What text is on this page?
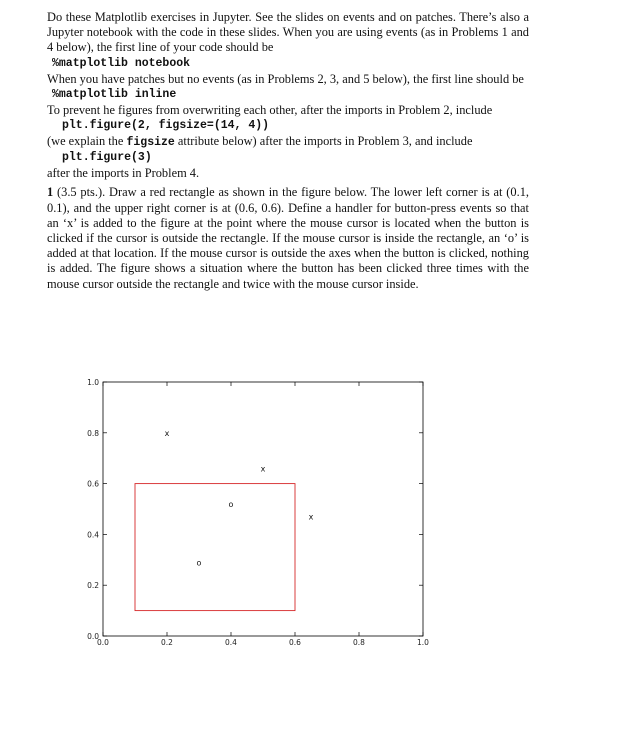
Do these Matplotlib exercises in Jupyter. See the slides on events and on patches. There’s also a Jupyter notebook with the code in these slides. When you are using events (as in Problems 1 and 4 below), the first line of your code should be

%matplotlib notebook

When you have patches but no events (as in Problems 2, 3, and 5 below), the first line should be

%matplotlib inline

To prevent he figures from overwriting each other, after the imports in Problem 2, include

plt.figure(2, figsize=(14, 4))

(we explain the figsize attribute below) after the imports in Problem 3, and include

plt.figure(3)

after the imports in Problem 4.

1 (3.5 pts.). Draw a red rectangle as shown in the figure below. The lower left corner is at (0.1, 0.1), and the upper right corner is at (0.6, 0.6). Define a handler for button-press events so that an ‘x’ is added to the figure at the point where the mouse cursor is located when the button is clicked if the cursor is outside the rectangle. If the mouse cursor is inside the rectangle, an ‘o’ is added at that location. If the mouse cursor is outside the axes when the button is clicked, nothing is added. The figure shows a situation where the button has been clicked three times with the mouse cursor outside the rectangle and twice with the mouse cursor inside.

0.0	0.2	0.4	0.6	0.8	1.0
0.0
0.2
0.4
0.6
0.8
1.0
x
x
x
o
o
